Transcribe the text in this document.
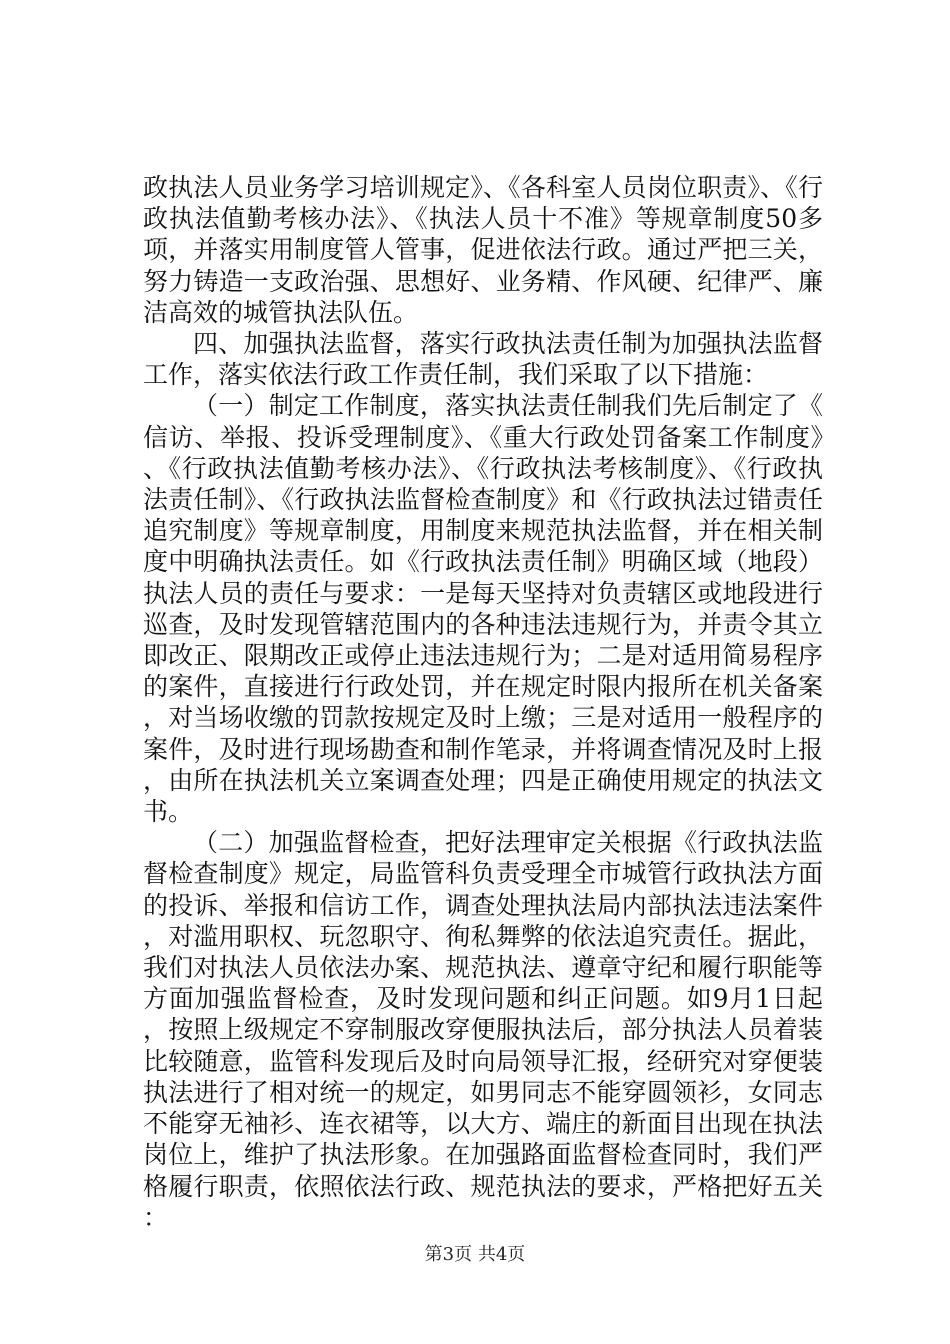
政执法人员业务学习培训规定》、《各科室人员岗位职责》、《行政执法值勤考核办法》、《执法人员十不准》等规章制度50多项，并落实用制度管人管事，促进依法行政。通过严把三关，努力铸造一支政治强、思想好、业务精、作风硬、纪律严、廉洁高效的城管执法队伍。

四、加强执法监督，落实行政执法责任制为加强执法监督工作，落实依法行政工作责任制，我们采取了以下措施：

（一）制定工作制度，落实执法责任制我们先后制定了《信访、举报、投诉受理制度》、《重大行政处罚备案工作制度》、《行政执法值勤考核办法》、《行政执法考核制度》、《行政执法责任制》、《行政执法监督检查制度》和《行政执法过错责任追究制度》等规章制度，用制度来规范执法监督，并在相关制度中明确执法责任。如《行政执法责任制》明确区域（地段）执法人员的责任与要求：一是每天坚持对负责辖区或地段进行巡查，及时发现管辖范围内的各种违法违规行为，并责令其立即改正、限期改正或停止违法违规行为；二是对适用简易程序的案件，直接进行行政处罚，并在规定时限内报所在机关备案，对当场收缴的罚款按规定及时上缴；三是对适用一般程序的案件，及时进行现场勘查和制作笔录，并将调查情况及时上报，由所在执法机关立案调查处理；四是正确使用规定的执法文书。

（二）加强监督检查，把好法理审定关根据《行政执法监督检查制度》规定，局监管科负责受理全市城管行政执法方面的投诉、举报和信访工作，调查处理执法局内部执法违法案件，对滥用职权、玩忽职守、徇私舞弊的依法追究责任。据此，我们对执法人员依法办案、规范执法、遵章守纪和履行职能等方面加强监督检查，及时发现问题和纠正问题。如9月1日起，按照上级规定不穿制服改穿便服执法后，部分执法人员着装比较随意，监管科发现后及时向局领导汇报，经研究对穿便装执法进行了相对统一的规定，如男同志不能穿圆领衫，女同志不能穿无袖衫、连衣裙等，以大方、端庄的新面目出现在执法岗位上，维护了执法形象。在加强路面监督检查同时，我们严格履行职责，依照依法行政、规范执法的要求，严格把好五关：

第3页 共4页
